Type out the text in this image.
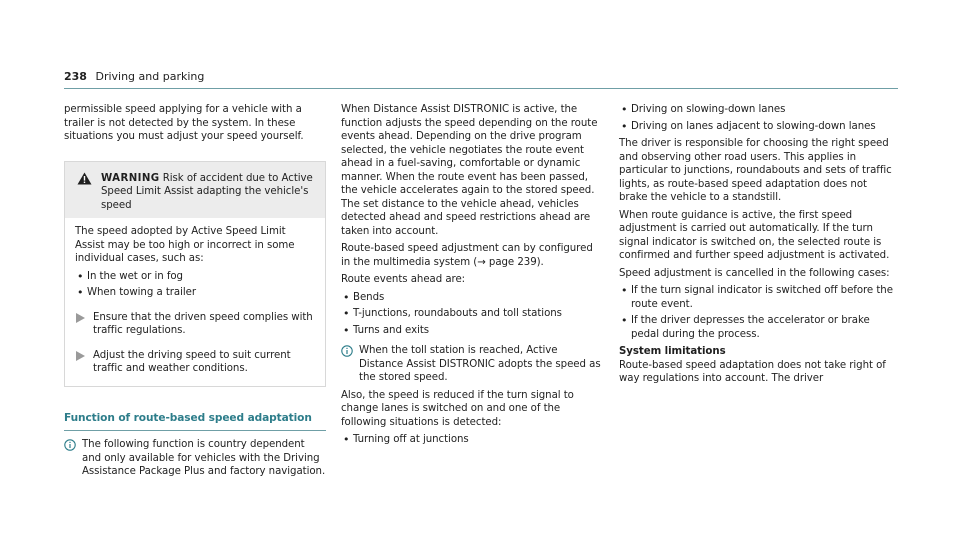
238 Driving and parking

permissible speed applying for a vehicle with a trailer is not detected by the system. In these situations you must adjust your speed yourself.

WARNING Risk of accident due to Active Speed Limit Assist adapting the vehicle's speed

The speed adopted by Active Speed Limit Assist may be too high or incorrect in some individual cases, such as:

• In the wet or in fog
• When towing a trailer
Ensure that the driven speed complies with traffic regulations.
Adjust the driving speed to suit current traffic and weather conditions.
Function of route-based speed adaptation
The following function is country dependent and only available for vehicles with the Driving Assistance Package Plus and factory navigation.

When Distance Assist DISTRONIC is active, the function adjusts the speed depending on the route events ahead. Depending on the drive program selected, the vehicle negotiates the route event ahead in a fuel-saving, comfortable or dynamic manner. When the route event has been passed, the vehicle accelerates again to the stored speed. The set distance to the vehicle ahead, vehicles detected ahead and speed restrictions ahead are taken into account.

Route-based speed adjustment can by configured in the multimedia system (→ page 239).

Route events ahead are:

• Bends
• T-junctions, roundabouts and toll stations
• Turns and exits
When the toll station is reached, Active Distance Assist DISTRONIC adopts the speed as the stored speed.

Also, the speed is reduced if the turn signal to change lanes is switched on and one of the following situations is detected:

• Turning off at junctions
• Driving on slowing-down lanes
• Driving on lanes adjacent to slowing-down lanes

The driver is responsible for choosing the right speed and observing other road users. This applies in particular to junctions, roundabouts and sets of traffic lights, as route-based speed adaptation does not brake the vehicle to a standstill.

When route guidance is active, the first speed adjustment is carried out automatically. If the turn signal indicator is switched on, the selected route is confirmed and further speed adjustment is activated.

Speed adjustment is cancelled in the following cases:

• If the turn signal indicator is switched off before the route event.
• If the driver depresses the accelerator or brake pedal during the process.

System limitations

Route-based speed adaptation does not take right of way regulations into account. The driver
